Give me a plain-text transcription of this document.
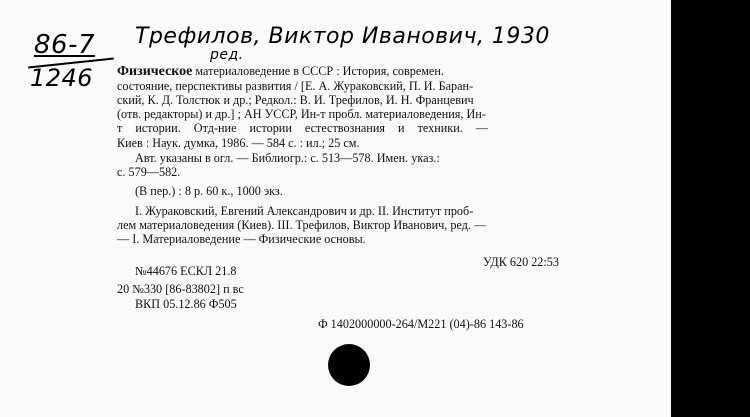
86-7
1246
Трефилов, Виктор Иванович, 1930
ред.
Физическое материаловедение в СССР : История, современ.
состояние, перспективы развития / [Е. А. Жураковский, П. И. Баран-
ский, К. Д. Толстюк и др.; Редкол.: В. И. Трефилов, И. Н. Францевич
(отв. редакторы) и др.] ; АН УССР, Ин-т пробл. материаловедения, Ин-
т истории. Отд-ние истории естествознания и техники. —
Киев : Наук. думка, 1986. — 584 с. : ил.; 25 см.
Авт. указаны в огл. — Библиогр.: с. 513—578. Имен. указ.:
с. 579—582.
(В пер.) : 8 р. 60 к., 1000 экз.
I. Жураковский, Евгений Александрович и др. II. Институт проб-
лем материаловедения (Киев). III. Трефилов, Виктор Иванович, ред. —
— I. Материаловедение — Физические основы.
УДК 620 22:53
№44676 ЕСКЛ 21.8
20 №330 [86-83802] п вс
ВКП 05.12.86 Ф505
Ф 1402000000-264/М221 (04)-86 143-86
